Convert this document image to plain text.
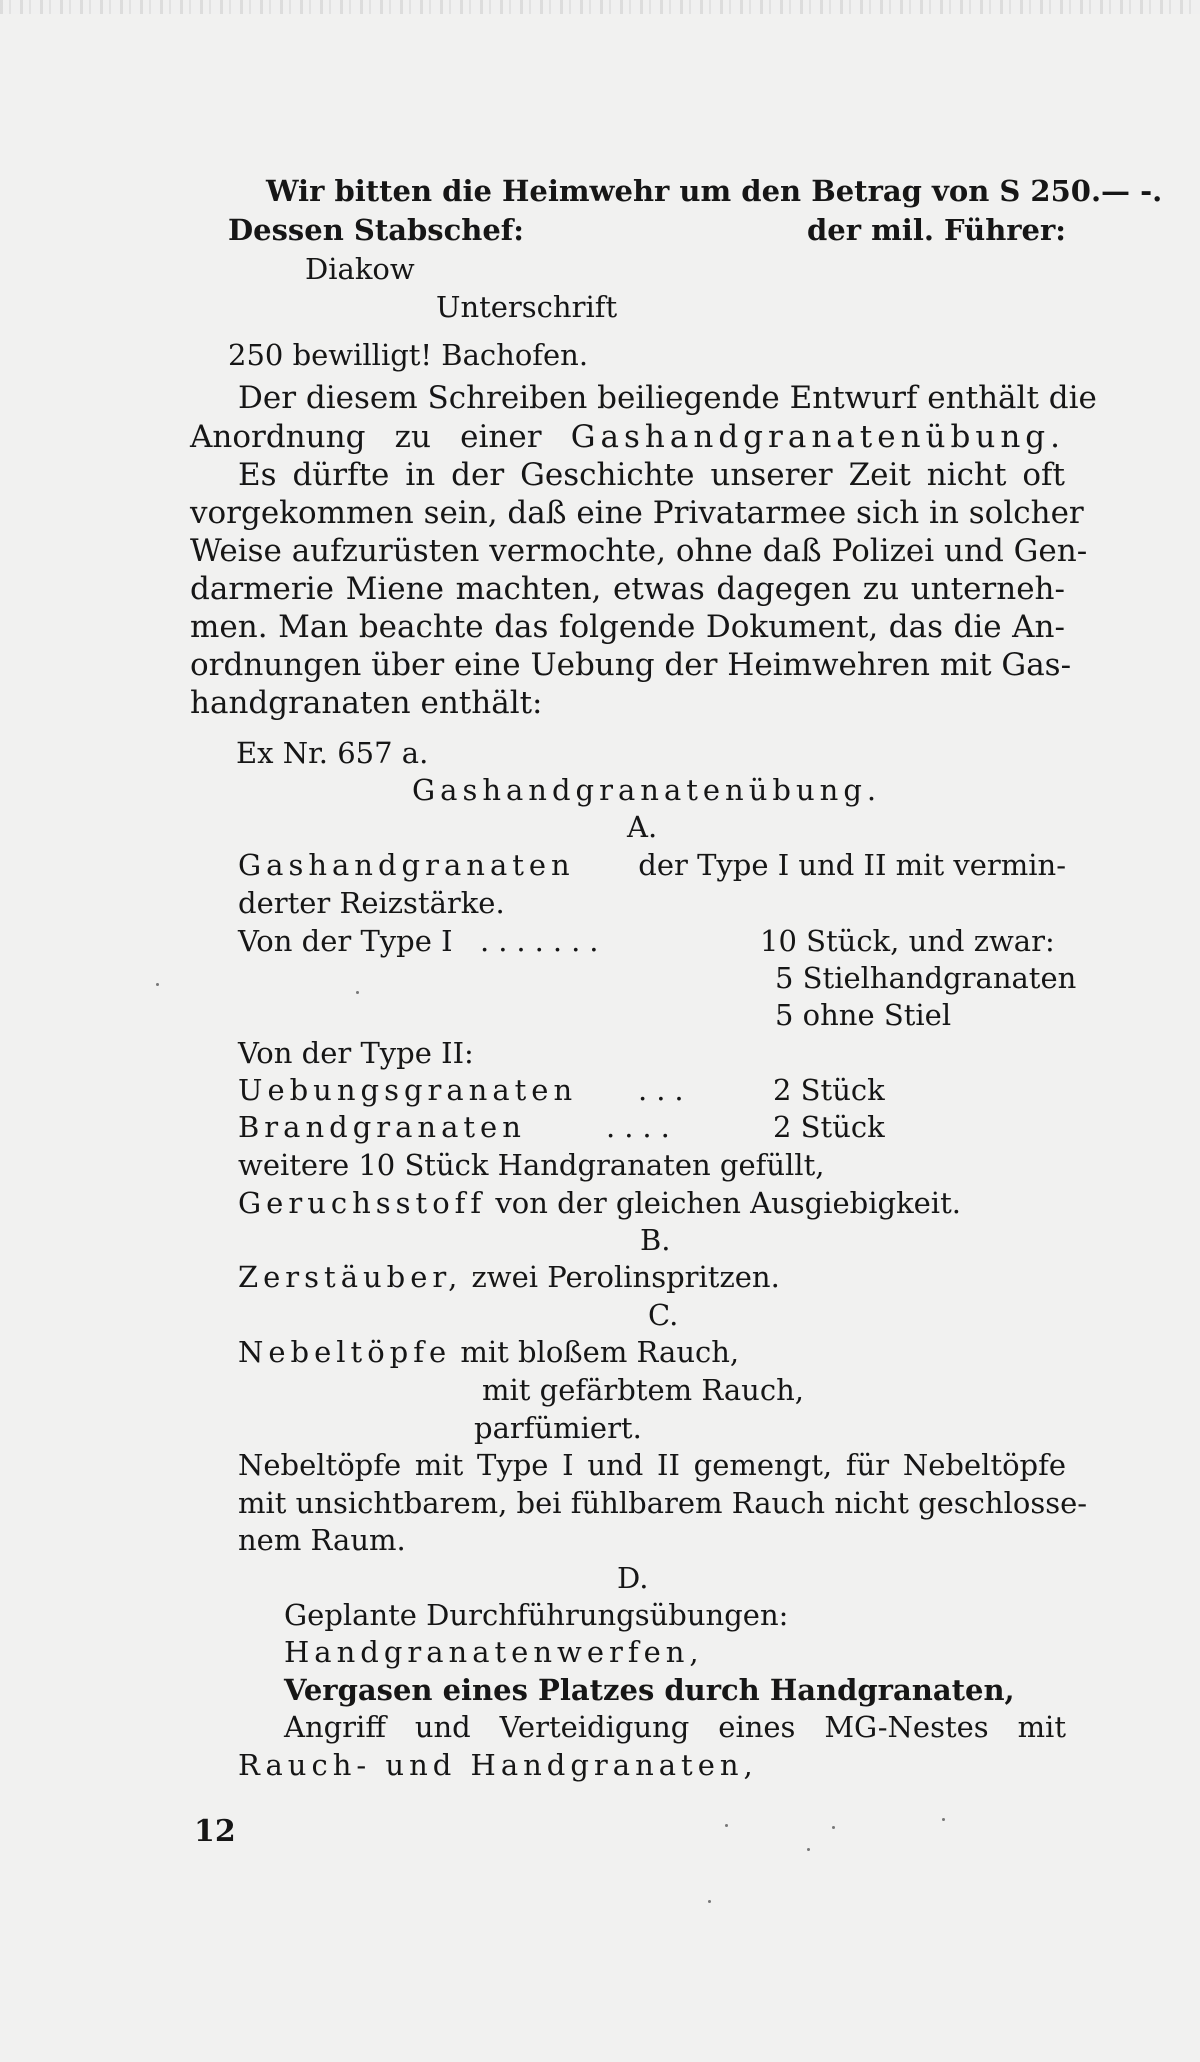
Wir bitten die Heimwehr um den Betrag von S 250.— -.
Dessen Stabschef:	der mil. Führer:
Diakow
Unterschrift
250 bewilligt! Bachofen.
Der diesem Schreiben beiliegende Entwurf enthält die
Anordnung zu einer Gashandgranatenübung.
Es dürfte in der Geschichte unserer Zeit nicht oft
vorgekommen sein, daß eine Privatarmee sich in solcher
Weise aufzurüsten vermochte, ohne daß Polizei und Gen-
darmerie Miene machten, etwas dagegen zu unterneh-
men. Man beachte das folgende Dokument, das die An-
ordnungen über eine Uebung der Heimwehren mit Gas-
handgranaten enthält:
Ex Nr. 657 a.
Gashandgranatenübung.
A.
Gashandgranaten der Type I und II mit vermin-
derter Reizstärke.
Von der Type I .......	10 Stück, und zwar:
5 Stielhandgranaten
5 ohne Stiel
Von der Type II:
Uebungsgranaten ...	2 Stück
Brandgranaten	....	2 Stück
weitere 10 Stück Handgranaten gefüllt,
Geruchsstoff von der gleichen Ausgiebigkeit.
B.
Zerstäuber, zwei Perolinspritzen.
C.
Nebeltöpfe mit bloßem Rauch,
mit gefärbtem Rauch,
parfümiert.
Nebeltöpfe mit Type I und II gemengt, für Nebeltöpfe
mit unsichtbarem, bei fühlbarem Rauch nicht geschlosse-
nem Raum.
D.
Geplante Durchführungsübungen:
Handgranatenwerfen,
Vergasen eines Platzes durch Handgranaten,
Angriff und Verteidigung eines MG-Nestes mit
Rauch- und Handgranaten,
12
